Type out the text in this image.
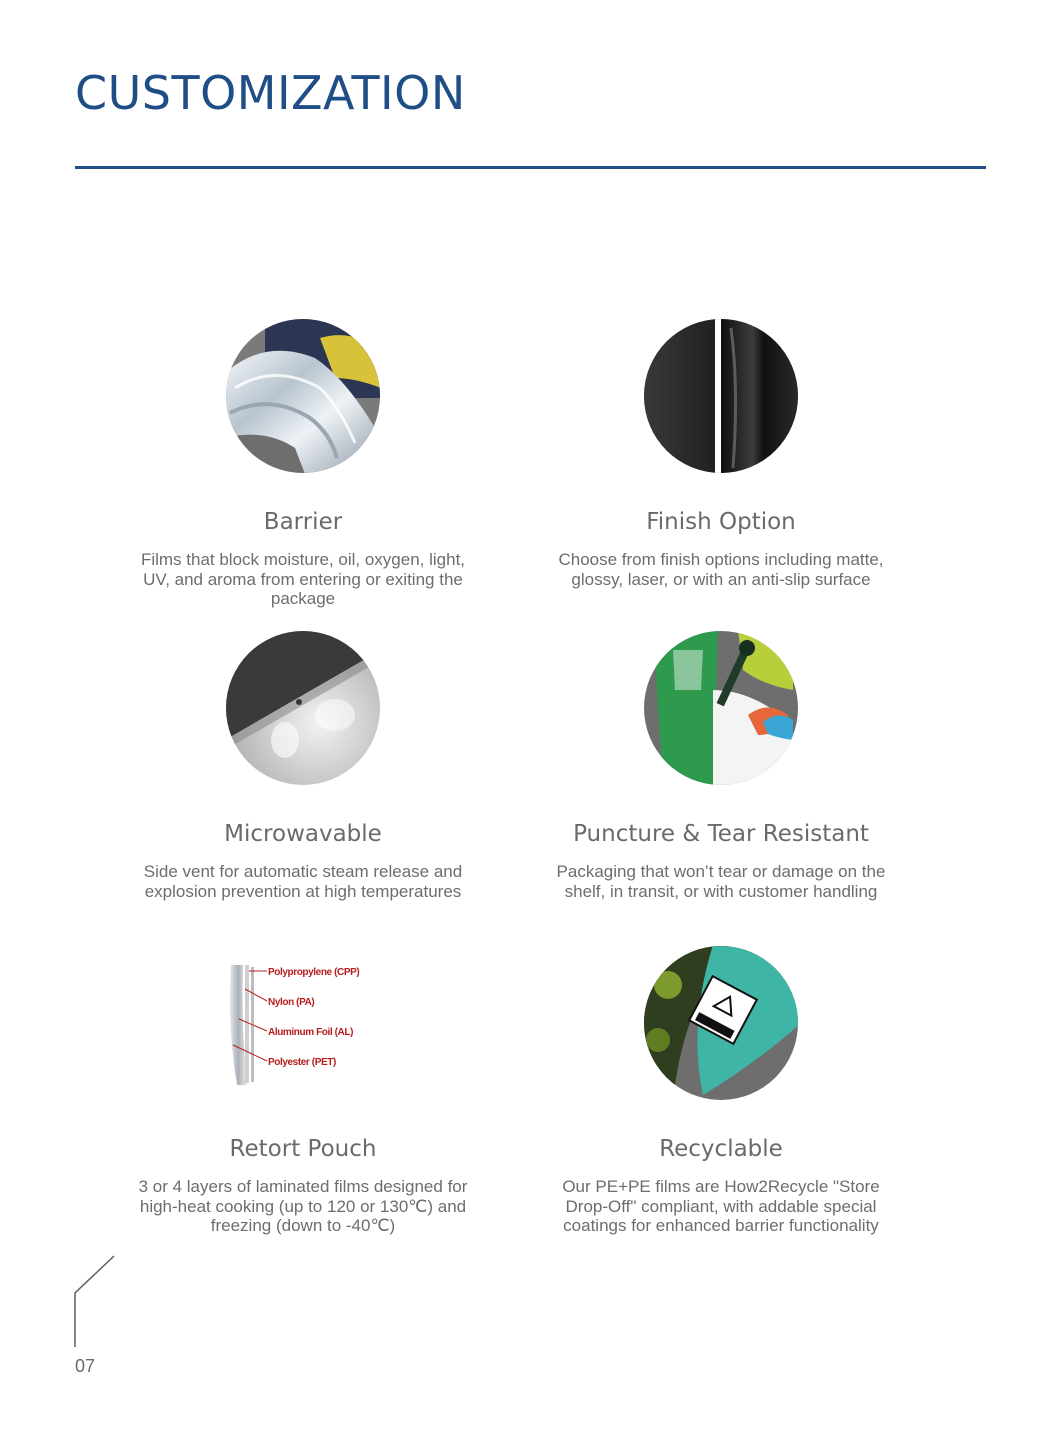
CUSTOMIZATION
Barrier

Films that block moisture, oil, oxygen, light, UV, and aroma from entering or exiting the package

Finish Option

Choose from finish options including matte, glossy, laser, or with an anti-slip surface

Microwavable

Side vent for automatic steam release and explosion prevention at high temperatures

Puncture & Tear Resistant

Packaging that won’t tear or damage on the shelf, in transit, or with customer handling

Polypropylene (CPP)
Nylon (PA)
Aluminum Foil (AL)
Polyester (PET)
Retort Pouch

3 or 4 layers of laminated films designed for high-heat cooking (up to 120 or 130℃) and freezing (down to -40℃)

Recyclable

Our PE+PE films are How2Recycle "Store Drop-Off" compliant, with addable special coatings for enhanced barrier functionality

07
